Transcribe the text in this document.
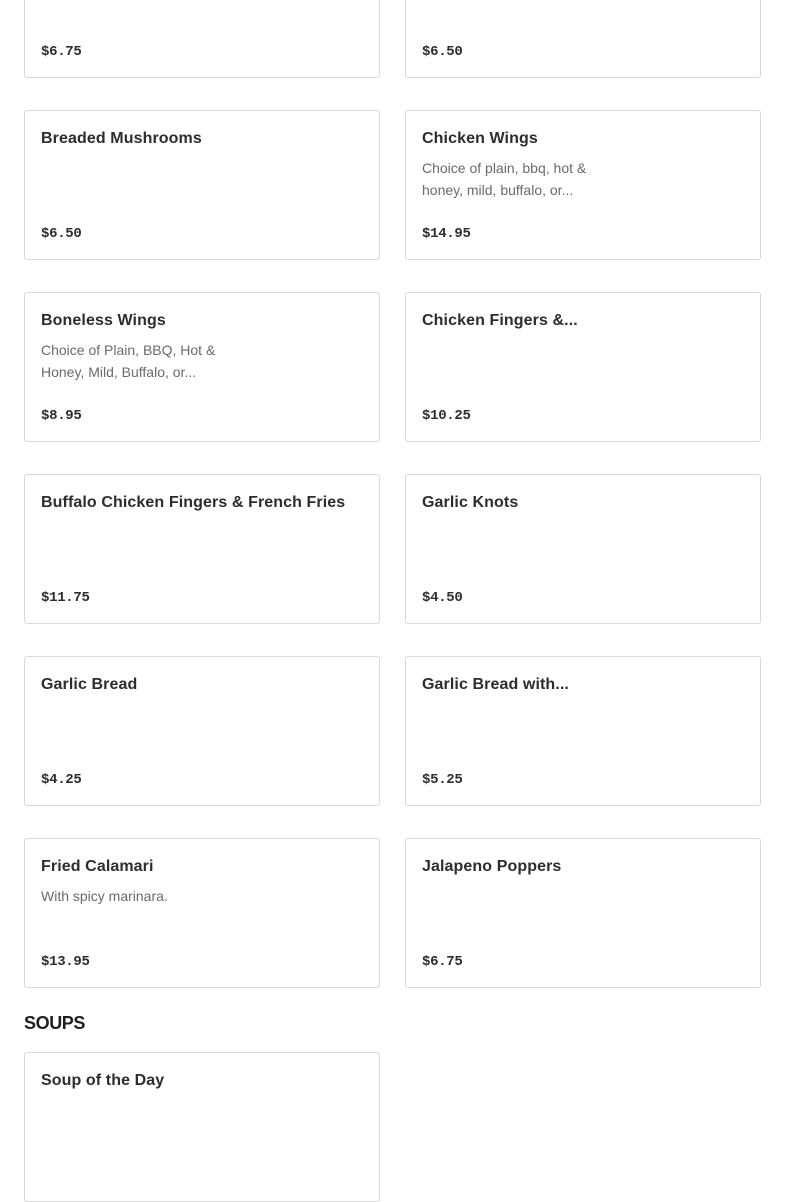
$6.75	$6.50
Breaded Mushrooms
$6.50
Chicken Wings
Choice of plain, bbq, hot & honey, mild, buffalo, or...
$14.95
Boneless Wings
Choice of Plain, BBQ, Hot & Honey, Mild, Buffalo, or...
$8.95
Chicken Fingers &...
$10.25
Buffalo Chicken Fingers & French Fries
$11.75
Garlic Knots
$4.50
Garlic Bread
$4.25
Garlic Bread with...
$5.25
Fried Calamari
With spicy marinara.
$13.95
Jalapeno Poppers
$6.75
SOUPS
Soup of the Day
